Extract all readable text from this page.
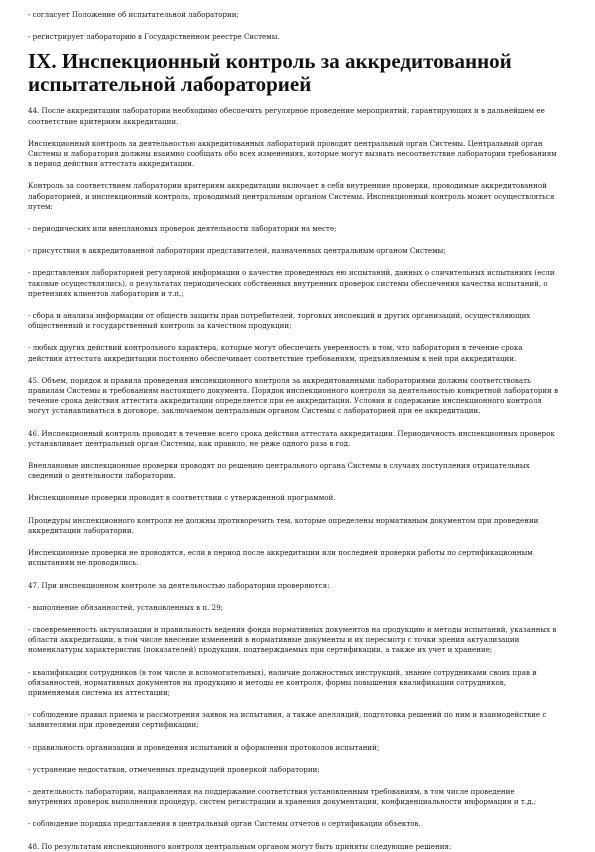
- согласует Положение об испытательной лаборатории;

- регистрирует лабораторию в Государственном реестре Системы.

IX. Инспекционный контроль за аккредитованной испытательной лабораторией

44. После аккредитации лаборатории необходимо обеспечить регулярное проведение мероприятий, гарантирующих и в дальнейшем ее соответствие критериям аккредитации.

Инспекционный контроль за деятельностью аккредитованных лабораторий проводит центральный орган Системы. Центральный орган Системы и лаборатория должны взаимно сообщать обо всех изменениях, которые могут вызвать несоответствие лаборатории требованиям в период действия аттестата аккредитации.

Контроль за соответствием лаборатории критериям аккредитации включает в себя внутренние проверки, проводимые аккредитованной лабораторией, и инспекционный контроль, проводимый центральным органом Системы. Инспекционный контроль может осуществляться путем:

- периодических или внеплановых проверок деятельности лаборатории на месте;

- присутствия в аккредитованной лаборатории представителей, назначенных центральным органом Системы;

- представления лабораторией регулярной информации о качестве проведенных ею испытаний, данных о сличительных испытаниях (если таковые осуществлялись), о результатах периодических собственных внутренних проверок системы обеспечения качества испытаний, о претензиях клиентов лаборатории и т.п.;

- сбора и анализа информации от обществ защиты прав потребителей, торговых инспекций и других организаций, осуществляющих общественный и государственный контроль за качеством продукции;

- любых других действий контрольного характера, которые могут обеспечить уверенность в том, что лаборатория в течение срока действия аттестата аккредитации постоянно обеспечивает соответствие требованиям, предъявляемым к ней при аккредитации.

45. Объем, порядок и правила проведения инспекционного контроля за аккредитованными лабораториями должны соответствовать правилам Системы и требованиям настоящего документа. Порядок инспекционного контроля за деятельностью конкретной лаборатории в течение срока действия аттестата аккредитации определяется при ее аккредитации. Условия и содержание инспекционного контроля могут устанавливаться в договоре, заключаемом центральным органом Системы с лабораторией при ее аккредитации.

46. Инспекционный контроль проводят в течение всего срока действия аттестата аккредитации. Периодичность инспекционных проверок устанавливает центральный орган Системы, как правило, не реже одного раза в год.

Внеплановые инспекционные проверки проводят по решению центрального органа Системы в случаях поступления отрицательных сведений о деятельности лаборатории.

Инспекционные проверки проводят в соответствии с утвержденной программой.

Процедуры инспекционного контроля не должны противоречить тем, которые определены нормативным документом при проведении аккредитации лаборатории.

Инспекционные проверки не проводятся, если в период после аккредитации или последней проверки работы по сертификационным испытаниям не проводились.

47. При инспекционном контроле за деятельностью лаборатории проверяются:

- выполнение обязанностей, установленных в п. 29;

- своевременность актуализации и правильность ведения фонда нормативных документов на продукцию и методы испытаний, указанных в области аккредитации, в том числе внесение изменений в нормативные документы и их пересмотр с точки зрения актуализации номенклатуры характеристик (показателей) продукции, подтверждаемых при сертификации, а также их учет и хранение;

- квалификация сотрудников (в том числе и вспомогательных), наличие должностных инструкций, знание сотрудниками своих прав и обязанностей, нормативных документов на продукцию и методы ее контроля, формы повышения квалификации сотрудников, применяемая система их аттестации;

- соблюдение правил приема и рассмотрения заявок на испытания, а также апелляций, подготовка решений по ним и взаимодействие с заявителями при проведении сертификации;

- правильность организации и проведения испытаний и оформления протоколов испытаний;

- устранение недостатков, отмеченных предыдущей проверкой лаборатории;

- деятельность лаборатории, направленная на поддержание соответствия установленным требованиям, в том числе проведение внутренних проверок выполнения процедур, систем регистрации и хранения документации, конфиденциальности информации и т.д.;

- соблюдение порядка представления в центральный орган Системы отчетов о сертификации объектов.

48. По результатам инспекционного контроля центральным органом могут быть приняты следующие решения:
